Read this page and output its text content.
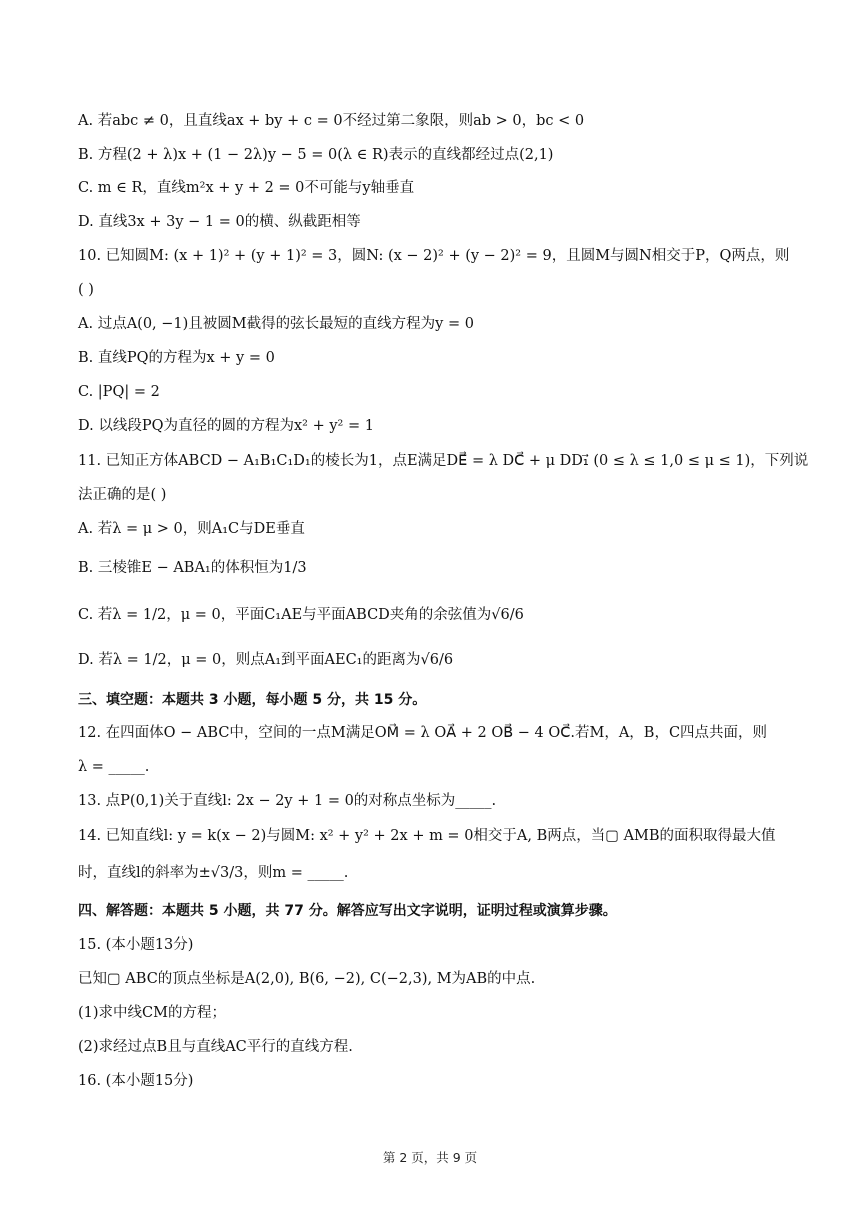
A. 若abc ≠ 0，且直线ax + by + c = 0不经过第二象限，则ab > 0，bc < 0
B. 方程(2 + λ)x + (1 − 2λ)y − 5 = 0(λ ∈ R)表示的直线都经过点(2,1)
C. m ∈ R，直线m²x + y + 2 = 0不可能与y轴垂直
D. 直线3x + 3y − 1 = 0的横、纵截距相等
10. 已知圆M: (x + 1)² + (y + 1)² = 3，圆N: (x − 2)² + (y − 2)² = 9，且圆M与圆N相交于P，Q两点，则
( )
A. 过点A(0, −1)且被圆M截得的弦长最短的直线方程为y = 0
B. 直线PQ的方程为x + y = 0
C. |PQ| = 2
D. 以线段PQ为直径的圆的方程为x² + y² = 1
11. 已知正方体ABCD − A₁B₁C₁D₁的棱长为1，点E满足DE⃗ = λ DC⃗ + μ DD₁⃗ (0 ≤ λ ≤ 1,0 ≤ μ ≤ 1)，下列说
法正确的是( )
A. 若λ = μ > 0，则A₁C与DE垂直
B. 三棱锥E − ABA₁的体积恒为1/3
C. 若λ = 1/2，μ = 0，平面C₁AE与平面ABCD夹角的余弦值为√6/6
D. 若λ = 1/2，μ = 0，则点A₁到平面AEC₁的距离为√6/6
三、填空题：本题共 3 小题，每小题 5 分，共 15 分。
12. 在四面体O − ABC中，空间的一点M满足OM⃗ = λ OA⃗ + 2 OB⃗ − 4 OC⃗.若M，A，B，C四点共面，则
λ = _____.
13. 点P(0,1)关于直线l: 2x − 2y + 1 = 0的对称点坐标为_____.
14. 已知直线l: y = k(x − 2)与圆M: x² + y² + 2x + m = 0相交于A, B两点，当▢ AMB的面积取得最大值
时，直线l的斜率为±√3/3，则m = _____.
四、解答题：本题共 5 小题，共 77 分。解答应写出文字说明，证明过程或演算步骤。
15. (本小题13分)
已知▢ ABC的顶点坐标是A(2,0), B(6, −2), C(−2,3), M为AB的中点.
(1)求中线CM的方程；
(2)求经过点B且与直线AC平行的直线方程.
16. (本小题15分)
第 2 页，共 9 页
